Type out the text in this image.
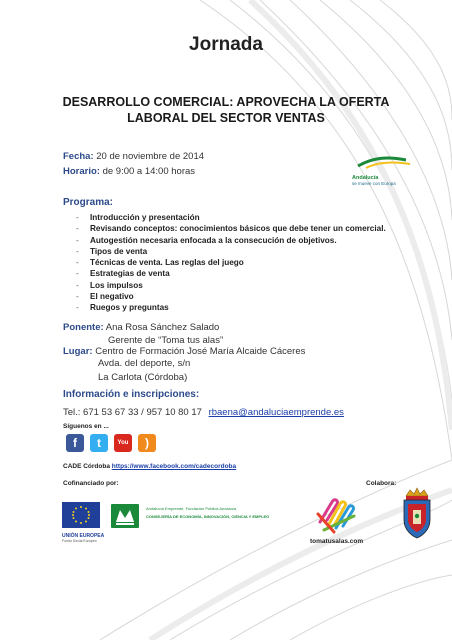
Jornada
DESARROLLO COMERCIAL: APROVECHA LA OFERTA
LABORAL DEL SECTOR VENTAS
Fecha: 20 de noviembre de 2014
Horario: de 9:00 a 14:00 horas
Andalucía
se mueve con Europa
Programa:
- Introducción y presentación
- Revisando conceptos: conocimientos básicos que debe tener un comercial.
- Autogestión necesaria enfocada a la consecución de objetivos.
- Tipos de venta
- Técnicas de venta. Las reglas del juego
- Estrategias de venta
- Los impulsos
- El negativo
- Ruegos y preguntas
Ponente: Ana Rosa Sánchez Salado
Gerente de “Toma tus alas”
Lugar: Centro de Formación José María Alcaide Cáceres
Avda. del deporte, s/n
La Carlota (Córdoba)
Información e inscripciones:
Tel.: 671 53 67 33 / 957 10 80 17 rbaena@andaluciaemprende.es
Síguenos en ...
f	t	You	)
CADE Córdoba https://www.facebook.com/cadecordoba
Cofinanciado por:	Colabora:
UNIÓN EUROPEA
Fondo Social Europeo
Andalucía Emprende, Fundación Pública Andaluza
CONSEJERÍA DE ECONOMÍA, INNOVACIÓN, CIENCIA Y EMPLEO
tomatusalas.com
